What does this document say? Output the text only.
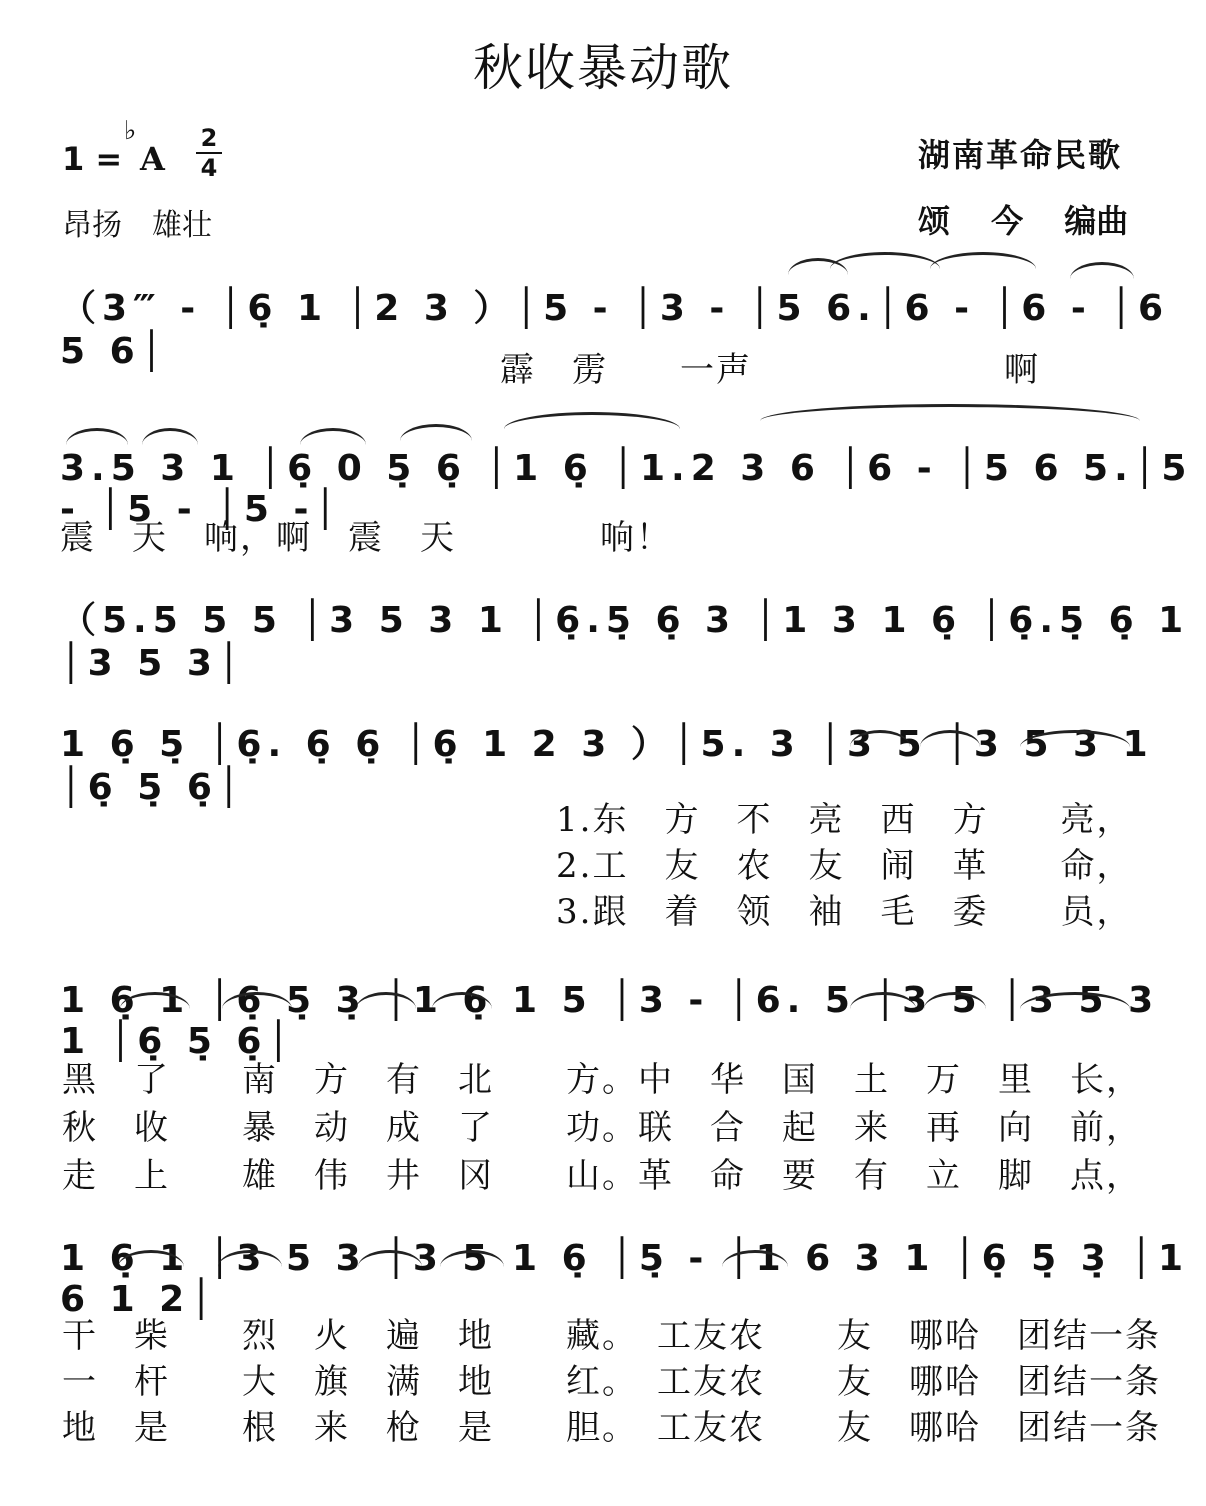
秋收暴动歌
1 =
♭
A
2
4
昂扬　雄壮
湖南革命民歌
颂 今 编曲
（3‴ - │6̣ 1 │2 3 ）│5 - │3 - │5 6.│6 - │6 - │6 5 6│	霹　雳　　一声　　　　　　　啊
3.5 3 1 │6̣ 0 5̣ 6̣ │1 6̣ │1.2 3 6 │6 - │5 6 5.│5 - │5 - │5 -│
震　天　响，啊　震　天　　　　响！
（5.5 5 5 │3 5 3 1 │6̣.5̣ 6̣ 3 │1 3 1 6̣ │6̣.5̣ 6̣ 1 │3 5 3│
1 6̣ 5̣ │6̣. 6̣ 6̣ │6̣ 1 2 3 ）│5. 3 │3 5 │3 5 3 1 │6̣ 5̣ 6̣│
1.东　方　不　亮　西　方　　亮，
2.工　友　农　友　闹　革　　命，
3.跟　着　领　袖　毛　委　　员，
1 6̣ 1 │6̣ 5̣ 3̣ │1 6̣ 1 5 │3 - │6. 5 │3 5 │3 5 3 1 │6̣ 5̣ 6̣│
黑　了　　南　方　有　北　　方。中　华　国　土　万　里　长，
秋　收　　暴　动　成　了　　功。联　合　起　来　再　向　前，
走　上　　雄　伟　井　冈　　山。革　命　要　有　立　脚　点，
1 6̣ 1 │3 5 3 │3 5 1 6̣ │5̣ - │1 6 3 1 │6̣ 5̣ 3̣ │1 6 1 2│
干　柴　　烈　火　遍　地　　藏。　工友农　　友　哪哈　团结一条
一　杆　　大　旗　满　地　　红。　工友农　　友　哪哈　团结一条
地　是　　根　来　枪　是　　胆。　工友农　　友　哪哈　团结一条
